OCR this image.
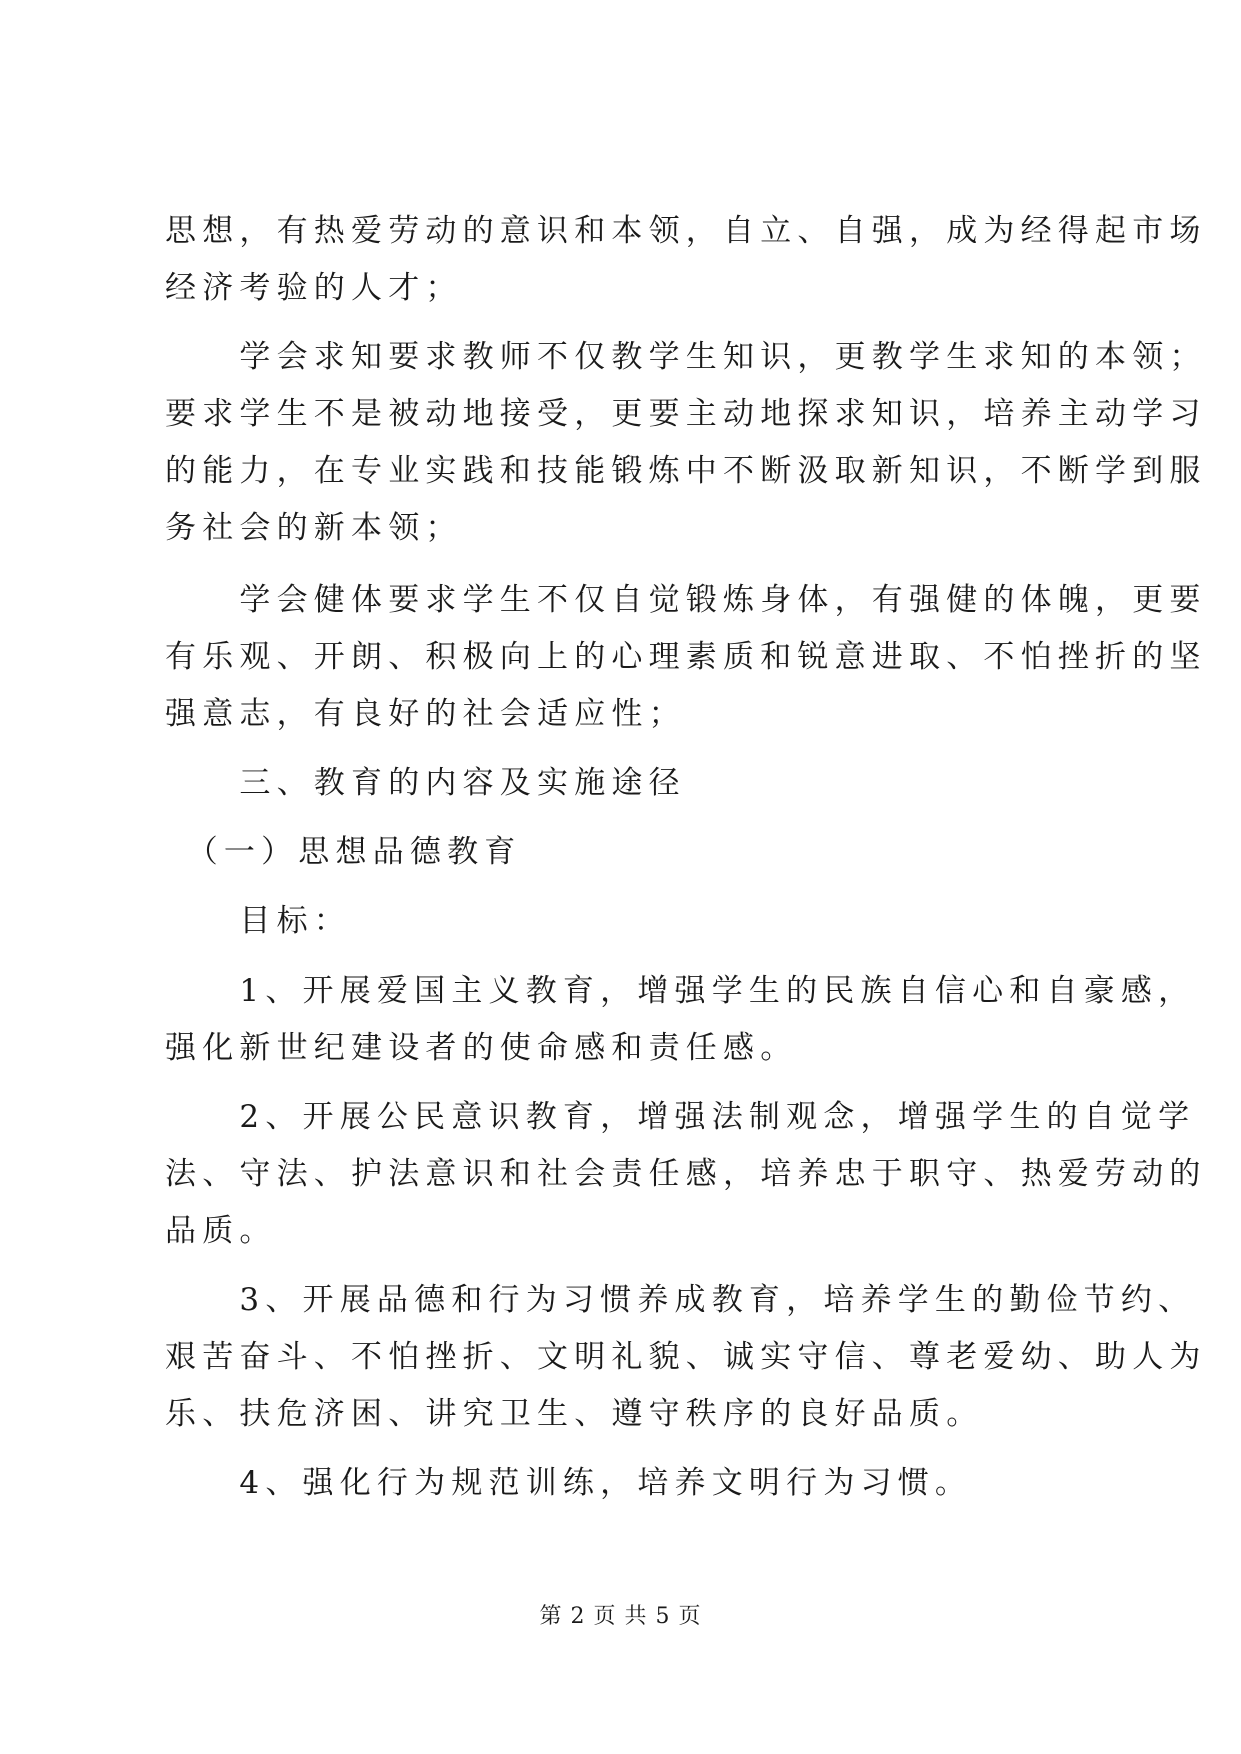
思想，有热爱劳动的意识和本领，自立、自强，成为经得起市场
经济考验的人才；
　　学会求知要求教师不仅教学生知识，更教学生求知的本领；
要求学生不是被动地接受，更要主动地探求知识，培养主动学习
的能力，在专业实践和技能锻炼中不断汲取新知识，不断学到服
务社会的新本领；
　　学会健体要求学生不仅自觉锻炼身体，有强健的体魄，更要
有乐观、开朗、积极向上的心理素质和锐意进取、不怕挫折的坚
强意志，有良好的社会适应性；
　　三、教育的内容及实施途径
　（一）思想品德教育
　　目标：
　　1、开展爱国主义教育，增强学生的民族自信心和自豪感，
强化新世纪建设者的使命感和责任感。
　　2、开展公民意识教育，增强法制观念，增强学生的自觉学
法、守法、护法意识和社会责任感，培养忠于职守、热爱劳动的
品质。
　　3、开展品德和行为习惯养成教育，培养学生的勤俭节约、
艰苦奋斗、不怕挫折、文明礼貌、诚实守信、尊老爱幼、助人为
乐、扶危济困、讲究卫生、遵守秩序的良好品质。
　　4、强化行为规范训练，培养文明行为习惯。
第 2 页 共 5 页
